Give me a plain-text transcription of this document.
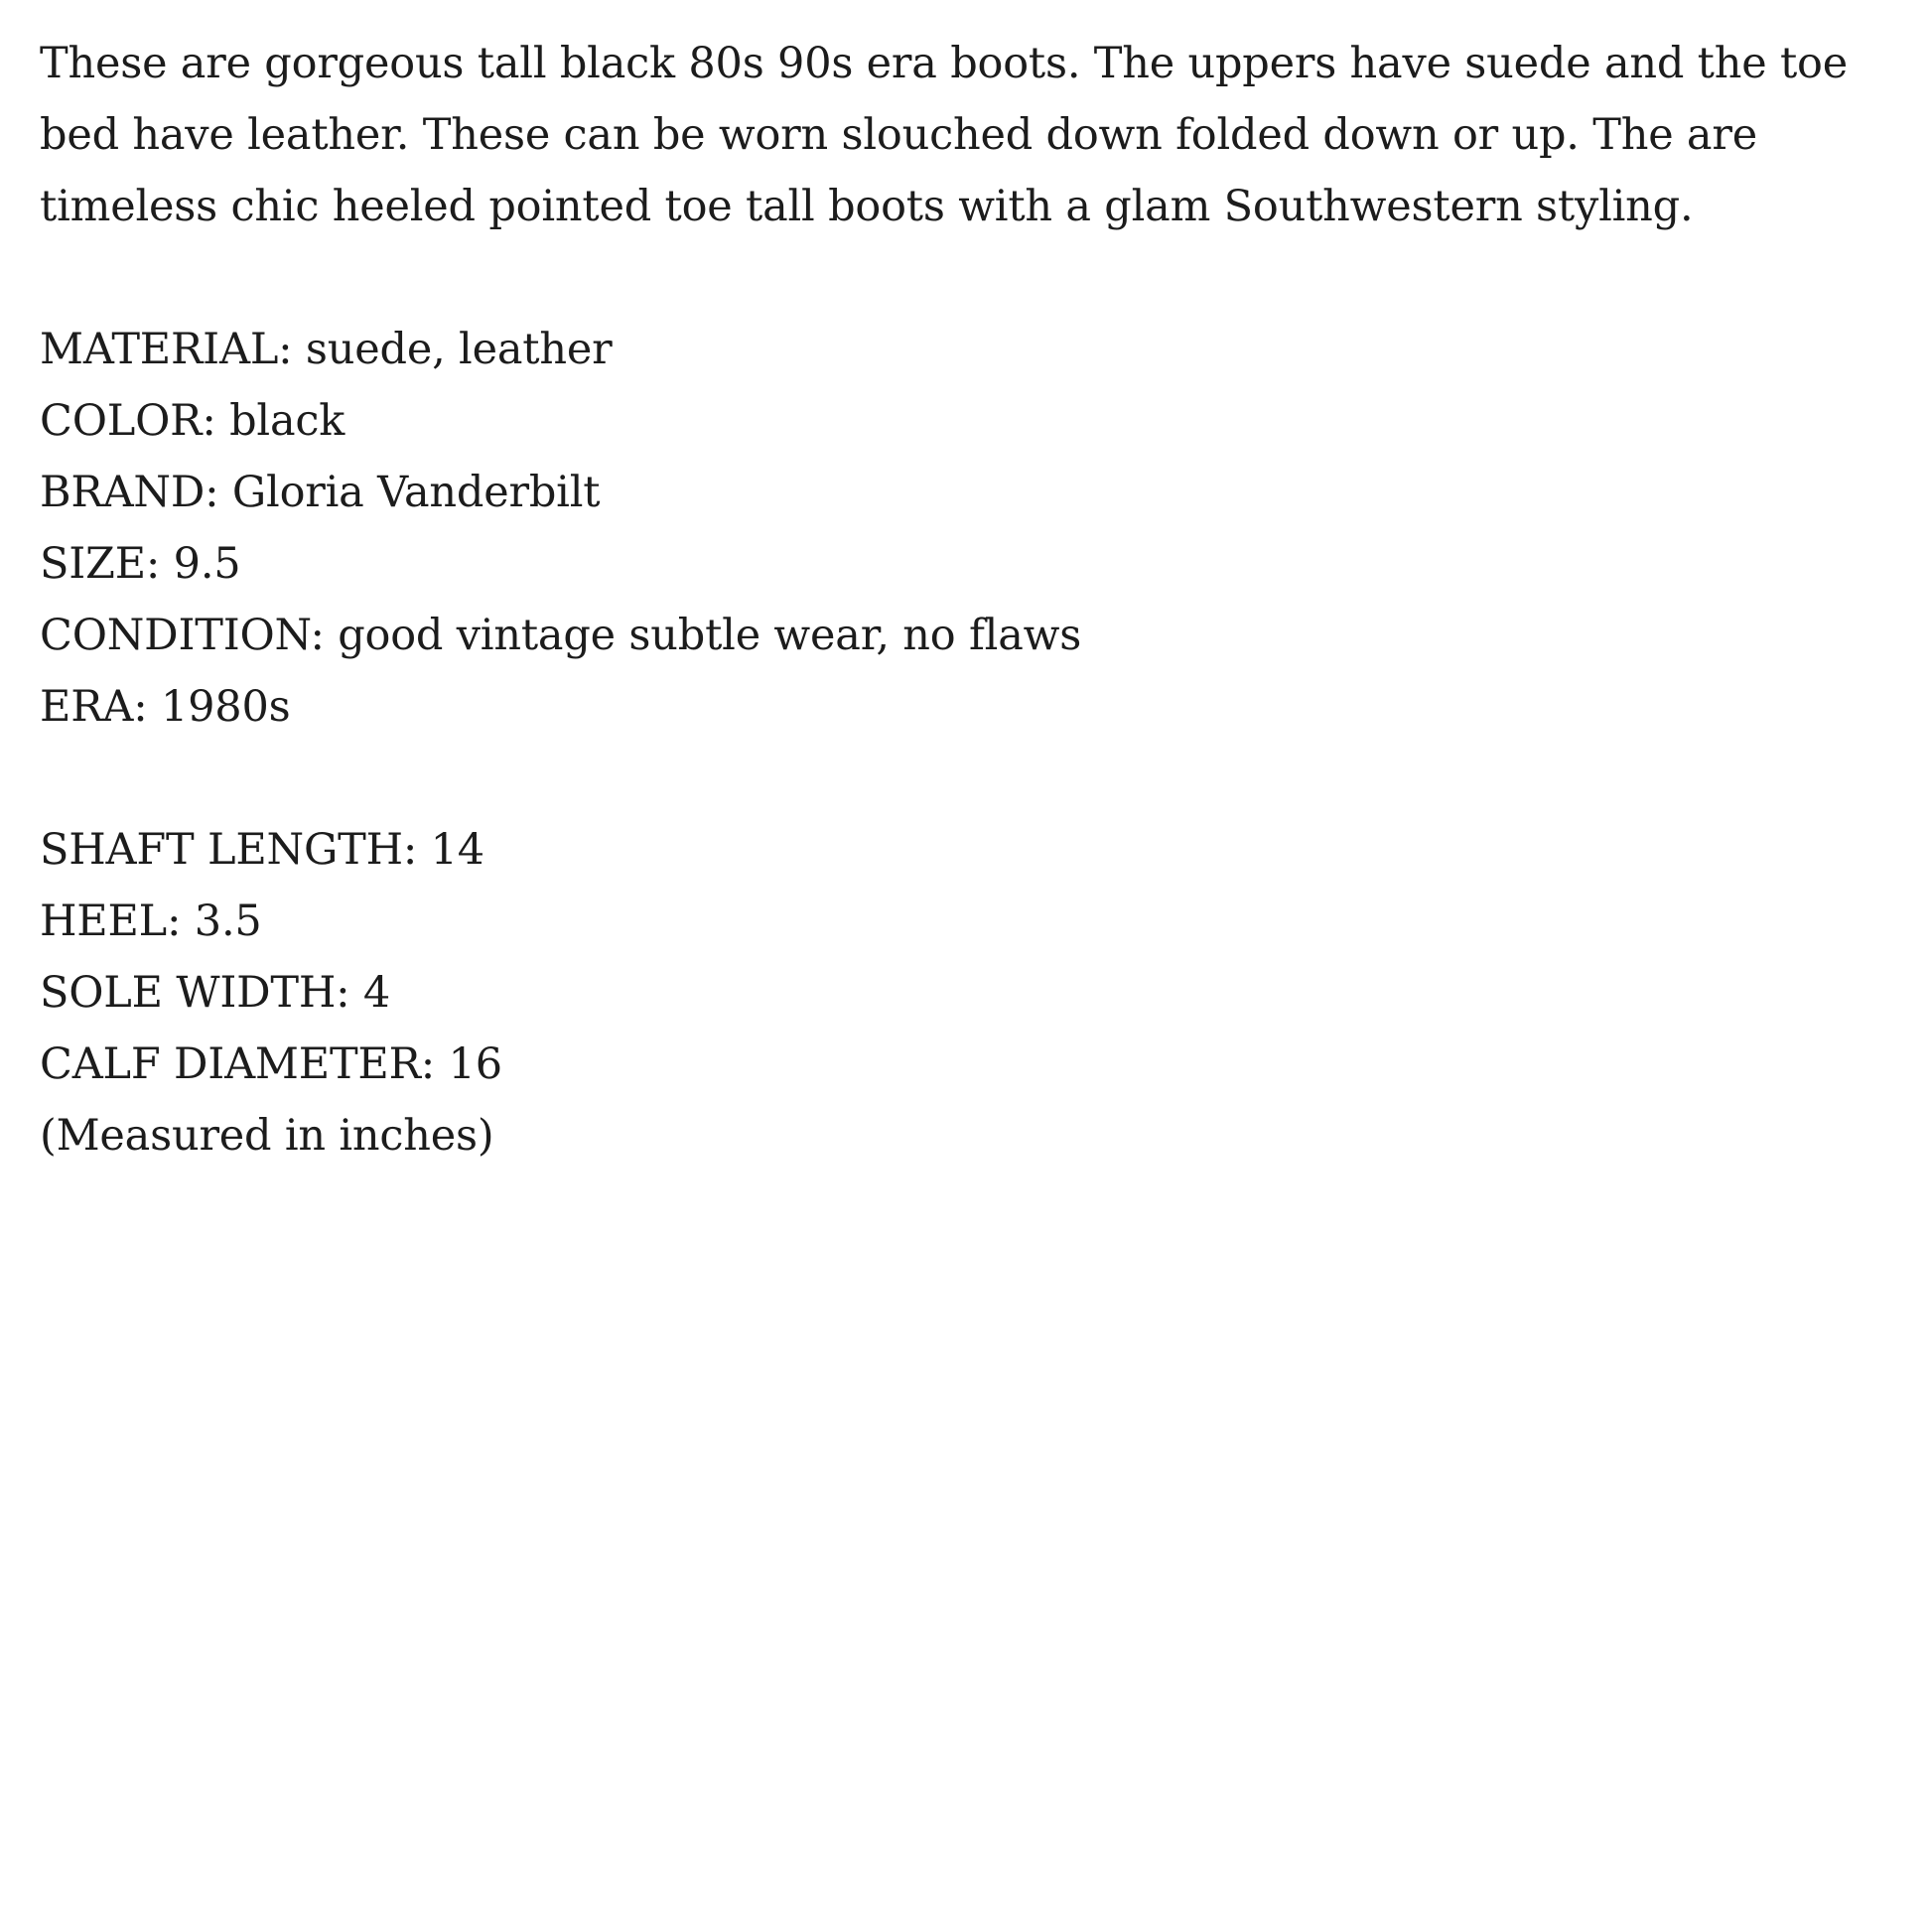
These are gorgeous tall black 80s 90s era boots. The uppers have suede and the toe
bed have leather. These can be worn slouched down folded down or up. The are
timeless chic heeled pointed toe tall boots with a glam Southwestern styling.

MATERIAL: suede, leather
COLOR: black
BRAND: Gloria Vanderbilt
SIZE: 9.5
CONDITION: good vintage subtle wear, no flaws
ERA: 1980s
SHAFT LENGTH: 14
HEEL: 3.5
SOLE WIDTH: 4
CALF DIAMETER: 16
(Measured in inches)
